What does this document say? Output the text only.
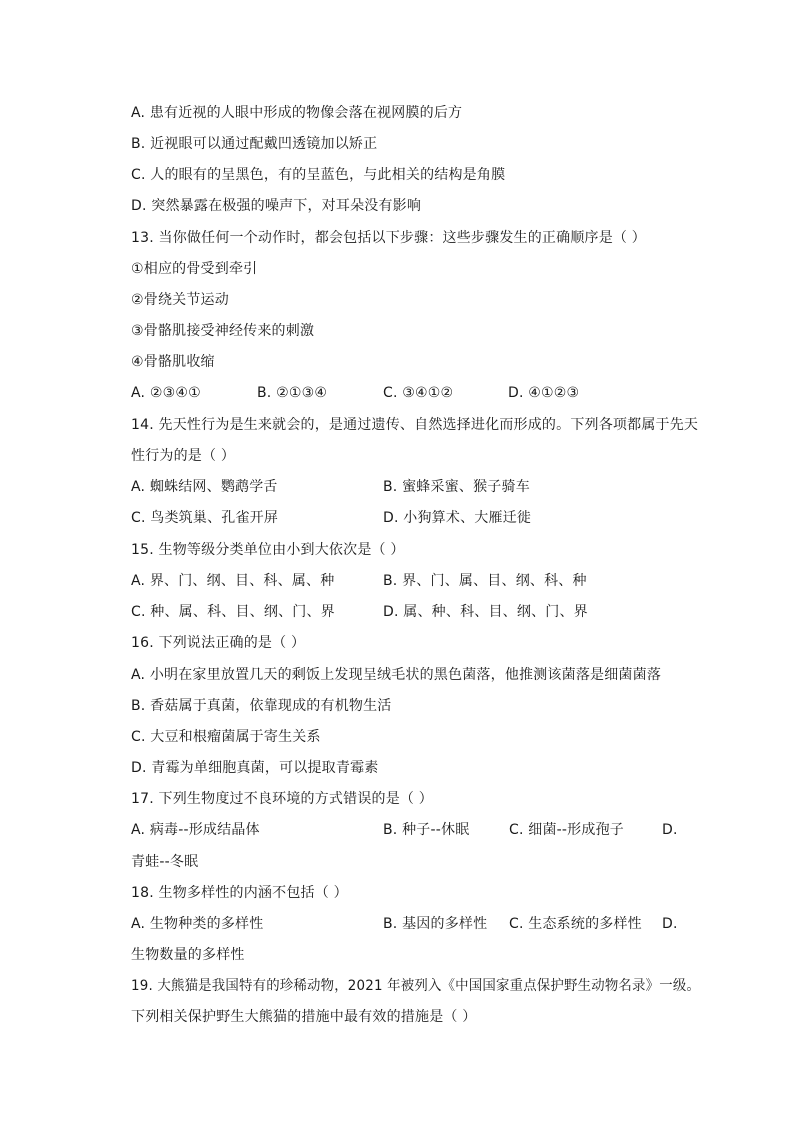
A. 患有近视的人眼中形成的物像会落在视网膜的后方
B. 近视眼可以通过配戴凹透镜加以矫正
C. 人的眼有的呈黑色，有的呈蓝色，与此相关的结构是角膜
D. 突然暴露在极强的噪声下，对耳朵没有影响
13. 当你做任何一个动作时，都会包括以下步骤：这些步骤发生的正确顺序是（ ）
①相应的骨受到牵引
②骨绕关节运动
③骨骼肌接受神经传来的刺激
④骨骼肌收缩
A. ②③④①	B. ②①③④	C. ③④①②	D. ④①②③
14. 先天性行为是生来就会的，是通过遗传、自然选择进化而形成的。下列各项都属于先天
性行为的是（ ）
A. 蜘蛛结网、鹦鹉学舌	B. 蜜蜂采蜜、猴子骑车
C. 鸟类筑巢、孔雀开屏	D. 小狗算术、大雁迁徙
15. 生物等级分类单位由小到大依次是（ ）
A. 界、门、纲、目、科、属、种	B. 界、门、属、目、纲、科、种
C. 种、属、科、目、纲、门、界	D. 属、种、科、目、纲、门、界
16. 下列说法正确的是（ ）
A. 小明在家里放置几天的剩饭上发现呈绒毛状的黑色菌落，他推测该菌落是细菌菌落
B. 香菇属于真菌，依靠现成的有机物生活
C. 大豆和根瘤菌属于寄生关系
D. 青霉为单细胞真菌，可以提取青霉素
17. 下列生物度过不良环境的方式错误的是（ ）
A. 病毒--形成结晶体	B. 种子--休眠	C. 细菌--形成孢子	D.
青蛙--冬眠
18. 生物多样性的内涵不包括（ ）
A. 生物种类的多样性	B. 基因的多样性 C. 生态系统的多样性 D.
生物数量的多样性
19. 大熊猫是我国特有的珍稀动物，2021 年被列入《中国国家重点保护野生动物名录》一级。
下列相关保护野生大熊猫的措施中最有效的措施是（ ）
